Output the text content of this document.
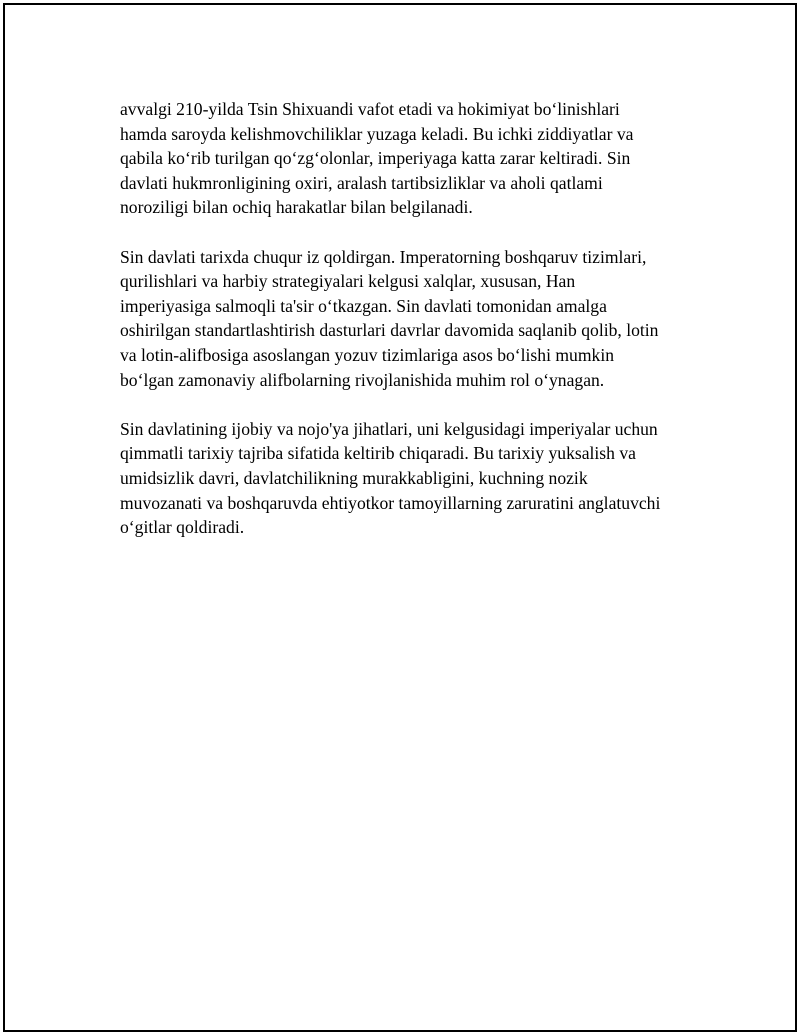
avvalgi 210-yilda Tsin Shixuandi vafot etadi va hokimiyat bo‘linishlari
hamda saroyda kelishmovchiliklar yuzaga keladi. Bu ichki ziddiyatlar va
qabila ko‘rib turilgan qo‘zg‘olonlar, imperiyaga katta zarar keltiradi. Sin
davlati hukmronligining oxiri, aralash tartibsizliklar va aholi qatlami
noroziligi bilan ochiq harakatlar bilan belgilanadi.

Sin davlati tarixda chuqur iz qoldirgan. Imperatorning boshqaruv tizimlari,
qurilishlari va harbiy strategiyalari kelgusi xalqlar, xususan, Han
imperiyasiga salmoqli ta'sir o‘tkazgan. Sin davlati tomonidan amalga
oshirilgan standartlashtirish dasturlari davrlar davomida saqlanib qolib, lotin
va lotin-alifbosiga asoslangan yozuv tizimlariga asos bo‘lishi mumkin
bo‘lgan zamonaviy alifbolarning rivojlanishida muhim rol o‘ynagan.

Sin davlatining ijobiy va nojo'ya jihatlari, uni kelgusidagi imperiyalar uchun
qimmatli tarixiy tajriba sifatida keltirib chiqaradi. Bu tarixiy yuksalish va
umidsizlik davri, davlatchilikning murakkabligini, kuchning nozik
muvozanati va boshqaruvda ehtiyotkor tamoyillarning zaruratini anglatuvchi
o‘gitlar qoldiradi.
